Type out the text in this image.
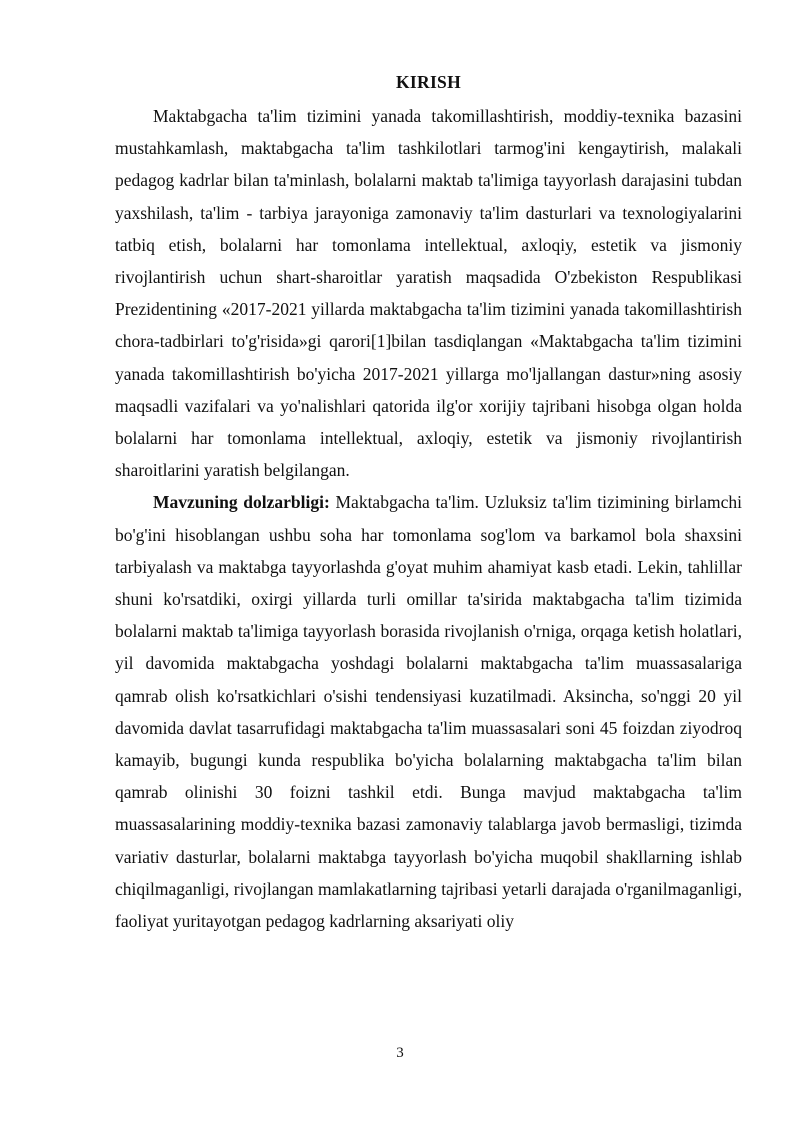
KIRISH

Maktabgacha ta'lim tizimini yanada takomillashtirish, moddiy-texnika bazasini mustahkamlash, maktabgacha ta'lim tashkilotlari tarmog'ini kengaytirish, malakali pedagog kadrlar bilan ta'minlash, bolalarni maktab ta'limiga tayyorlash darajasini tubdan yaxshilash, ta'lim - tarbiya jarayoniga zamonaviy ta'lim dasturlari va texnologiyalarini tatbiq etish, bolalarni har tomonlama intellektual, axloqiy, estetik va jismoniy rivojlantirish uchun shart-sharoitlar yaratish maqsadida O'zbekiston Respublikasi Prezidentining «2017-2021 yillarda maktabgacha ta'lim tizimini yanada takomillashtirish chora-tadbirlari to'g'risida»gi qarori[1]bilan tasdiqlangan «Maktabgacha ta'lim tizimini yanada takomillashtirish bo'yicha 2017-2021 yillarga mo'ljallangan dastur»ning asosiy maqsadli vazifalari va yo'nalishlari qatorida ilg'or xorijiy tajribani hisobga olgan holda bolalarni har tomonlama intellektual, axloqiy, estetik va jismoniy rivojlantirish sharoitlarini yaratish belgilangan.

Mavzuning dolzarbligi: Maktabgacha ta'lim. Uzluksiz ta'lim tizimining birlamchi bo'g'ini hisoblangan ushbu soha har tomonlama sog'lom va barkamol bola shaxsini tarbiyalash va maktabga tayyorlashda g'oyat muhim ahamiyat kasb etadi. Lekin, tahlillar shuni ko'rsatdiki, oxirgi yillarda turli omillar ta'sirida maktabgacha ta'lim tizimida bolalarni maktab ta'limiga tayyorlash borasida rivojlanish o'rniga, orqaga ketish holatlari, yil davomida maktabgacha yoshdagi bolalarni maktabgacha ta'lim muassasalariga qamrab olish ko'rsatkichlari o'sishi tendensiyasi kuzatilmadi. Aksincha, so'nggi 20 yil davomida davlat tasarrufidagi maktabgacha ta'lim muassasalari soni 45 foizdan ziyodroq kamayib, bugungi kunda respublika bo'yicha bolalarning maktabgacha ta'lim bilan qamrab olinishi 30 foizni tashkil etdi. Bunga mavjud maktabgacha ta'lim muassasalarining moddiy-texnika bazasi zamonaviy talablarga javob bermasligi, tizimda variativ dasturlar, bolalarni maktabga tayyorlash bo'yicha muqobil shakllarning ishlab chiqilmaganligi, rivojlangan mamlakatlarning tajribasi yetarli darajada o'rganilmaganligi, faoliyat yuritayotgan pedagog kadrlarning aksariyati oliy

3
